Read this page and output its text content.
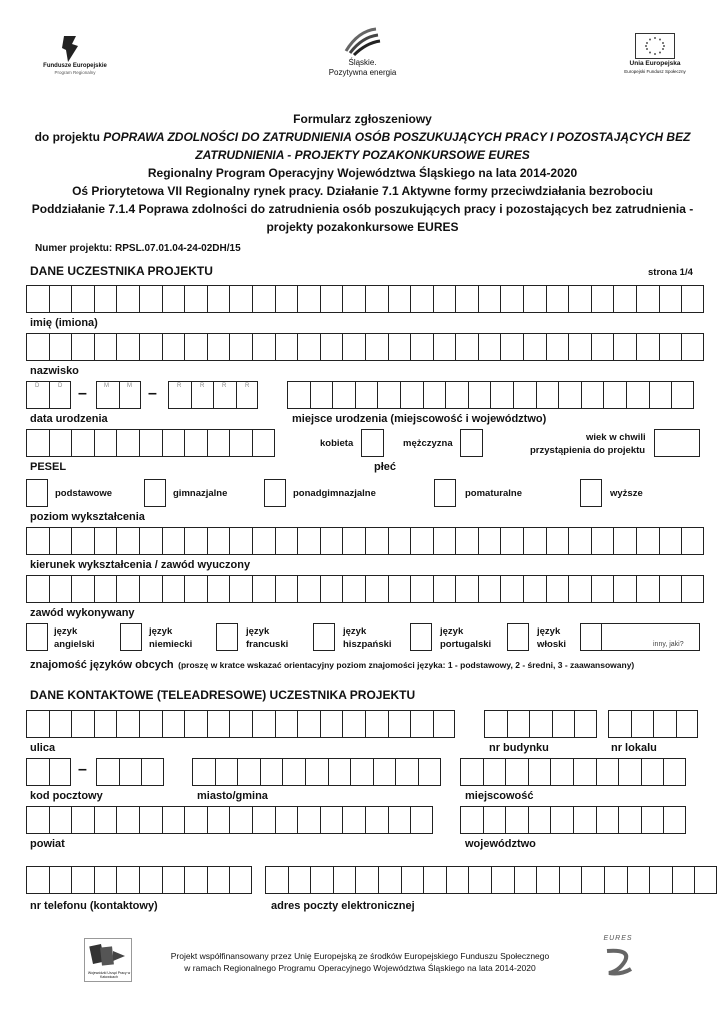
Fundusze Europejskie
Program Regionalny
Śląskie.
Pozytywna energia
Unia Europejska
Europejski Fundusz Społeczny
Formularz zgłoszeniowy
do projektu POPRAWA ZDOLNOŚCI DO ZATRUDNIENIA OSÓB POSZUKUJĄCYCH PRACY I POZOSTAJĄCYCH BEZ
ZATRUDNIENIA - PROJEKTY POZAKONKURSOWE EURES
Regionalny Program Operacyjny Województwa Śląskiego na lata 2014-2020
Oś Priorytetowa VII Regionalny rynek pracy. Działanie 7.1 Aktywne formy przeciwdziałania bezrobociu
Poddziałanie 7.1.4 Poprawa zdolności do zatrudnienia osób poszukujących pracy i pozostających bez zatrudnienia -
projekty pozakonkursowe EURES
Numer projektu: RPSL.07.01.04-24-02DH/15
DANE UCZESTNIKA PROJEKTU	strona 1/4
imię (imiona)
nazwisko
D	D –	M	M –	R	R	R	R
data urodzenia	miejsce urodzenia (miejscowość i województwo)
kobieta	mężczyzna
wiek w chwili
przystąpienia do projektu
PESEL	płeć
podstawowe	gimnazjalne	ponadgimnazjalne	pomaturalne	wyższe
poziom wykształcenia
kierunek wykształcenia / zawód wyuczony
zawód wykonywany
język
angielski
język
niemiecki
język
francuski
język
hiszpański
język
portugalski
język
włoski	inny, jaki?
znajomość języków obcych (proszę w kratce wskazać orientacyjny poziom znajomości języka: 1 - podstawowy, 2 - średni, 3 - zaawansowany)
DANE KONTAKTOWE (TELEADRESOWE) UCZESTNIKA PROJEKTU
ulica	nr budynku	nr lokalu
–
kod pocztowy	miasto/gmina	miejscowość
powiat	województwo
nr telefonu (kontaktowy)	adres poczty elektronicznej
Wojewódzki Urząd Pracy w Katowicach
Projekt współfinansowany przez Unię Europejską ze środków Europejskiego Funduszu Społecznego
w ramach Regionalnego Programu Operacyjnego Województwa Śląskiego na lata 2014-2020
EURES
